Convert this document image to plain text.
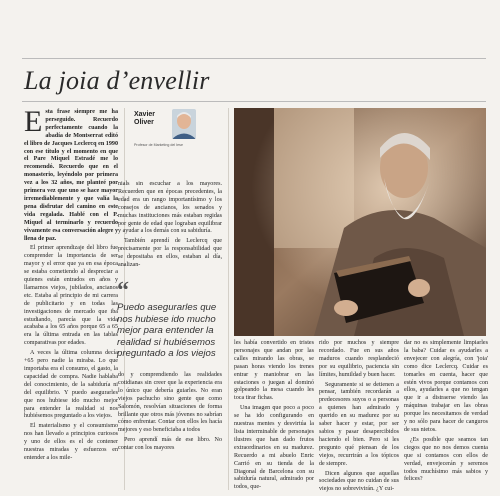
La joia d’envellir

Esta frase siempre me ha perseguido. Recuerdo perfectamente cuando la abadía de Montserrat editó el libro de Jacques Leclercq en 1990 con ese título y el momento en que el Pare Miquel Estradé me lo recomendó. Recuerdo que en el monasterio, leyéndolo por primera vez a los 32 años, me planteé por primera vez que uno se hace mayor irremediablemente y que valía la pena disfrutar del camino en este vida regalada. Hablé con el P. Miquel al terminarlo y recuerdo vivamente esa conversación alegre y llena de paz.

El primer aprendizaje del libro fue comprender la importancia de ser mayor y el error que ya en esa época se estaba cometiendo al despreciar a quienes están entrados en años y llamarnos viejos, jubilados, ancianos etc. Estaba al principio de mi carrera de publicitario y en todas las investigaciones de mercado que iba estudiando, parecía que la vida acababa a los 65 años porque 65 a 65 era la última entrada en las tablas comparativas por edades.

A veces la última columna decía +65 pero nadie la miraba. Lo que importaba era el consumo, el gasto, la capacidad de compra. Nadie hablaba del conocimiento, de la sabiduría ni del equilibrio. Y puedo asegurarles que nos hubiese ido mucho mejor para entender la realidad si nos hubiésemos preguntado a los viejos.

El materialismo y el consumismo nos han llevado a principios curiosos y uno de ellos es el de contener nuestras miradas y esfuerzos en entender a los mile-

Xavier Oliver
Profesor de Marketing del Iese

nials sin escuchar a los mayores. Recuerden que en épocas precedentes, la edad era un rango importantísimo y los consejos de ancianos, los senados y muchas instituciones más estaban regidas por gente de edad que lograban equilibrar y ayudar a los demás con su sabiduría.

También aprendí de Leclercq que precisamente por la responsabilidad que se depositaba en ellos, estaban al día, analizan-

“
Puedo asegurarles que nos hubiese ido mucho mejor para entender la realidad si hubiésemos preguntado a los viejos

do y comprendiendo las realidades cotidianas sin creer que la experiencia era lo único que debería guiarles. No eran viejos pachucho sino gente que como Salomón, resolvían situaciones de forma brillante que otros más jóvenes no sabrían cómo enfrentar. Contar con ellos les hacía mejores y eso beneficiaba a todos

Pero aprendí más de ese libro. No contar con los mayores

les había convertido en tristes personajes que andan por las calles mirando las obras, se pasan horas viendo los trenes entrar y maniobrar en las estaciones o juegan al dominó golpeando la mesa cuando les toca tirar fichas.

Una imagen que poco a poco se ha ido configurando en nuestras mentes y desvirtúa la lista interminable de personajes ilustres que han dado frutos extraordinarios en su madurez. Recuerdo a mi abuelo Enric Carrió en su tienda de la Diagonal de Barcelona con su sabiduría natural, admirado por todos, que-

rido por muchos y siempre recordado. Fue en sus años maduros cuando resplandeció por su equilibrio, paciencia sin límites, humildad y buen hacer.

Seguramente si se detienen a pensar, también recordarán a predecesores suyos o a personas a quienes han admirado y querido en su madurez por su saber hacer y estar, por ser sabios y pasar desapercibidos haciendo el bien. Pero si les pregunto qué piensan de los viejos, recurrirán a los tópicos de siempre.

Dicen algunos que aquellas sociedades que no cuidan de sus viejos no sobrevivirán. ¿Y cui-

dar no es simplemente limpiarles la baba? Cuidar es ayudarles a envejecer con alegría, con 'joia' como dice Leclercq. Cuidar es tomarles en cuenta, hacer que estén vivos porque contamos con ellos, ayudarles a que no tengan que ir a distraerse viendo las máquinas trabajar en las obras porque les necesitamos de verdad y no sólo para hacer de canguros de sus nietos.

¿Es posible que seamos tan ciegos que no nos demos cuenta que si contamos con ellos de verdad, envejecerán y seremos todos muchísimo más sabios y felices?
